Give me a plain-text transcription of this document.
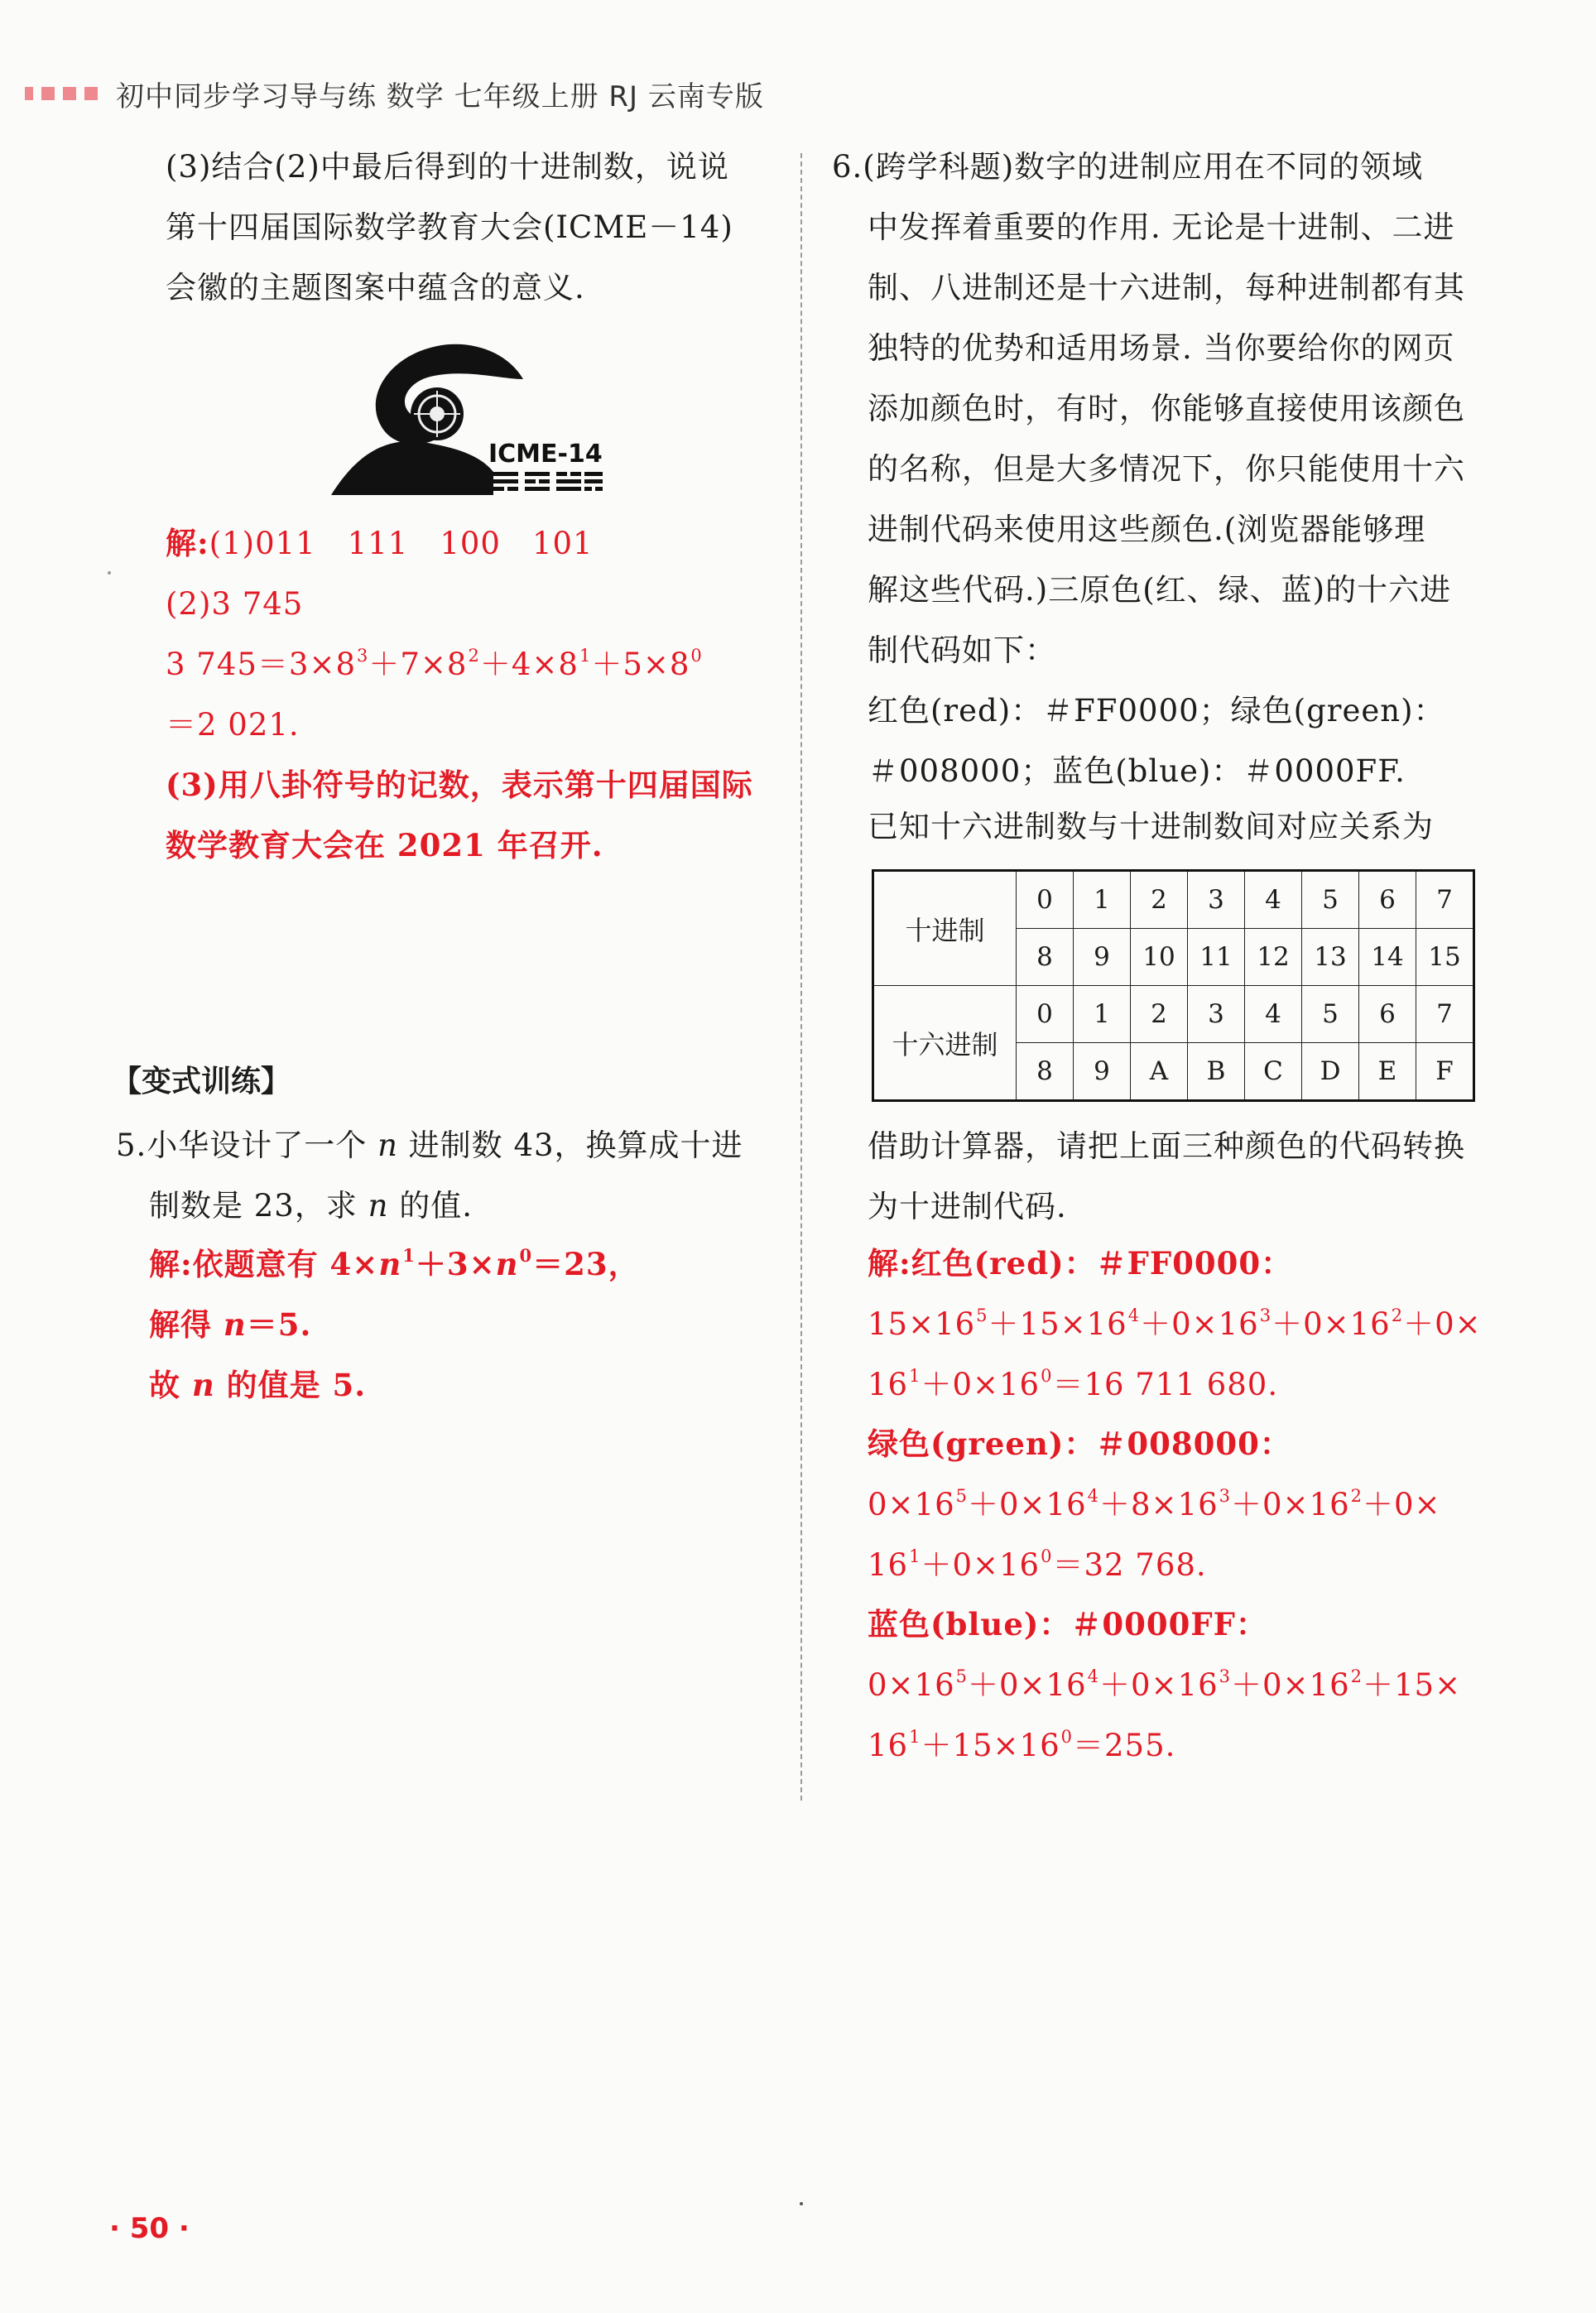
初中同步学习导与练 数学 七年级上册 RJ 云南专版
(3)结合(2)中最后得到的十进制数，说说
第十四届国际数学教育大会(ICME－14)
会徽的主题图案中蕴含的意义.
ICME-14
解:(1)011　111　100　101
(2)3 745
3 $745=3\times 8^3+7\times 8^2+4\times 8^1+5\times 8^0$
＝2 021.
(3)用八卦符号的记数，表示第十四届国际
数学教育大会在 2021 年召开.
【变式训练】
5.小华设计了一个 n 进制数 43，换算成十进
制数是 23，求 n 的值.
解:依题意有 $4\times n^1+3\times n^0=23$，
解得 n＝5.
故 n 的值是 5.
6.(跨学科题)数字的进制应用在不同的领域
中发挥着重要的作用. 无论是十进制、二进
制、八进制还是十六进制，每种进制都有其
独特的优势和适用场景. 当你要给你的网页
添加颜色时，有时，你能够直接使用该颜色
的名称，但是大多情况下，你只能使用十六
进制代码来使用这些颜色.(浏览器能够理
解这些代码.)三原色(红、绿、蓝)的十六进
制代码如下：
红色(red)：＃FF0000；绿色(green)：
＃008000；蓝色(blue)：＃0000FF.
已知十六进制数与十进制数间对应关系为
十进制	0	1	2	3	4	5	6	7
	8	9	10	11	12	13	14	15
十六进制	0	1	2	3	4	5	6	7
	8	9	A	B	C	D	E	F
借助计算器，请把上面三种颜色的代码转换
为十进制代码.
解:红色(red)：＃FF0000：
$15\times 16^5+15\times 16^4+0\times 16^3+0\times 16^2+0\times$
$16^1+0\times 16^0=16$ 711 680.
绿色(green)：＃008000：
$0\times 16^5+0\times 16^4+8\times 16^3+0\times 16^2+0\times$
$16^1+0\times 16^0=32$ 768.
蓝色(blue)：＃0000FF：
$0\times 16^5+0\times 16^4+0\times 16^3+0\times 16^2+15\times$
$16^1+15\times 16^0=255$.
· 50 ·
